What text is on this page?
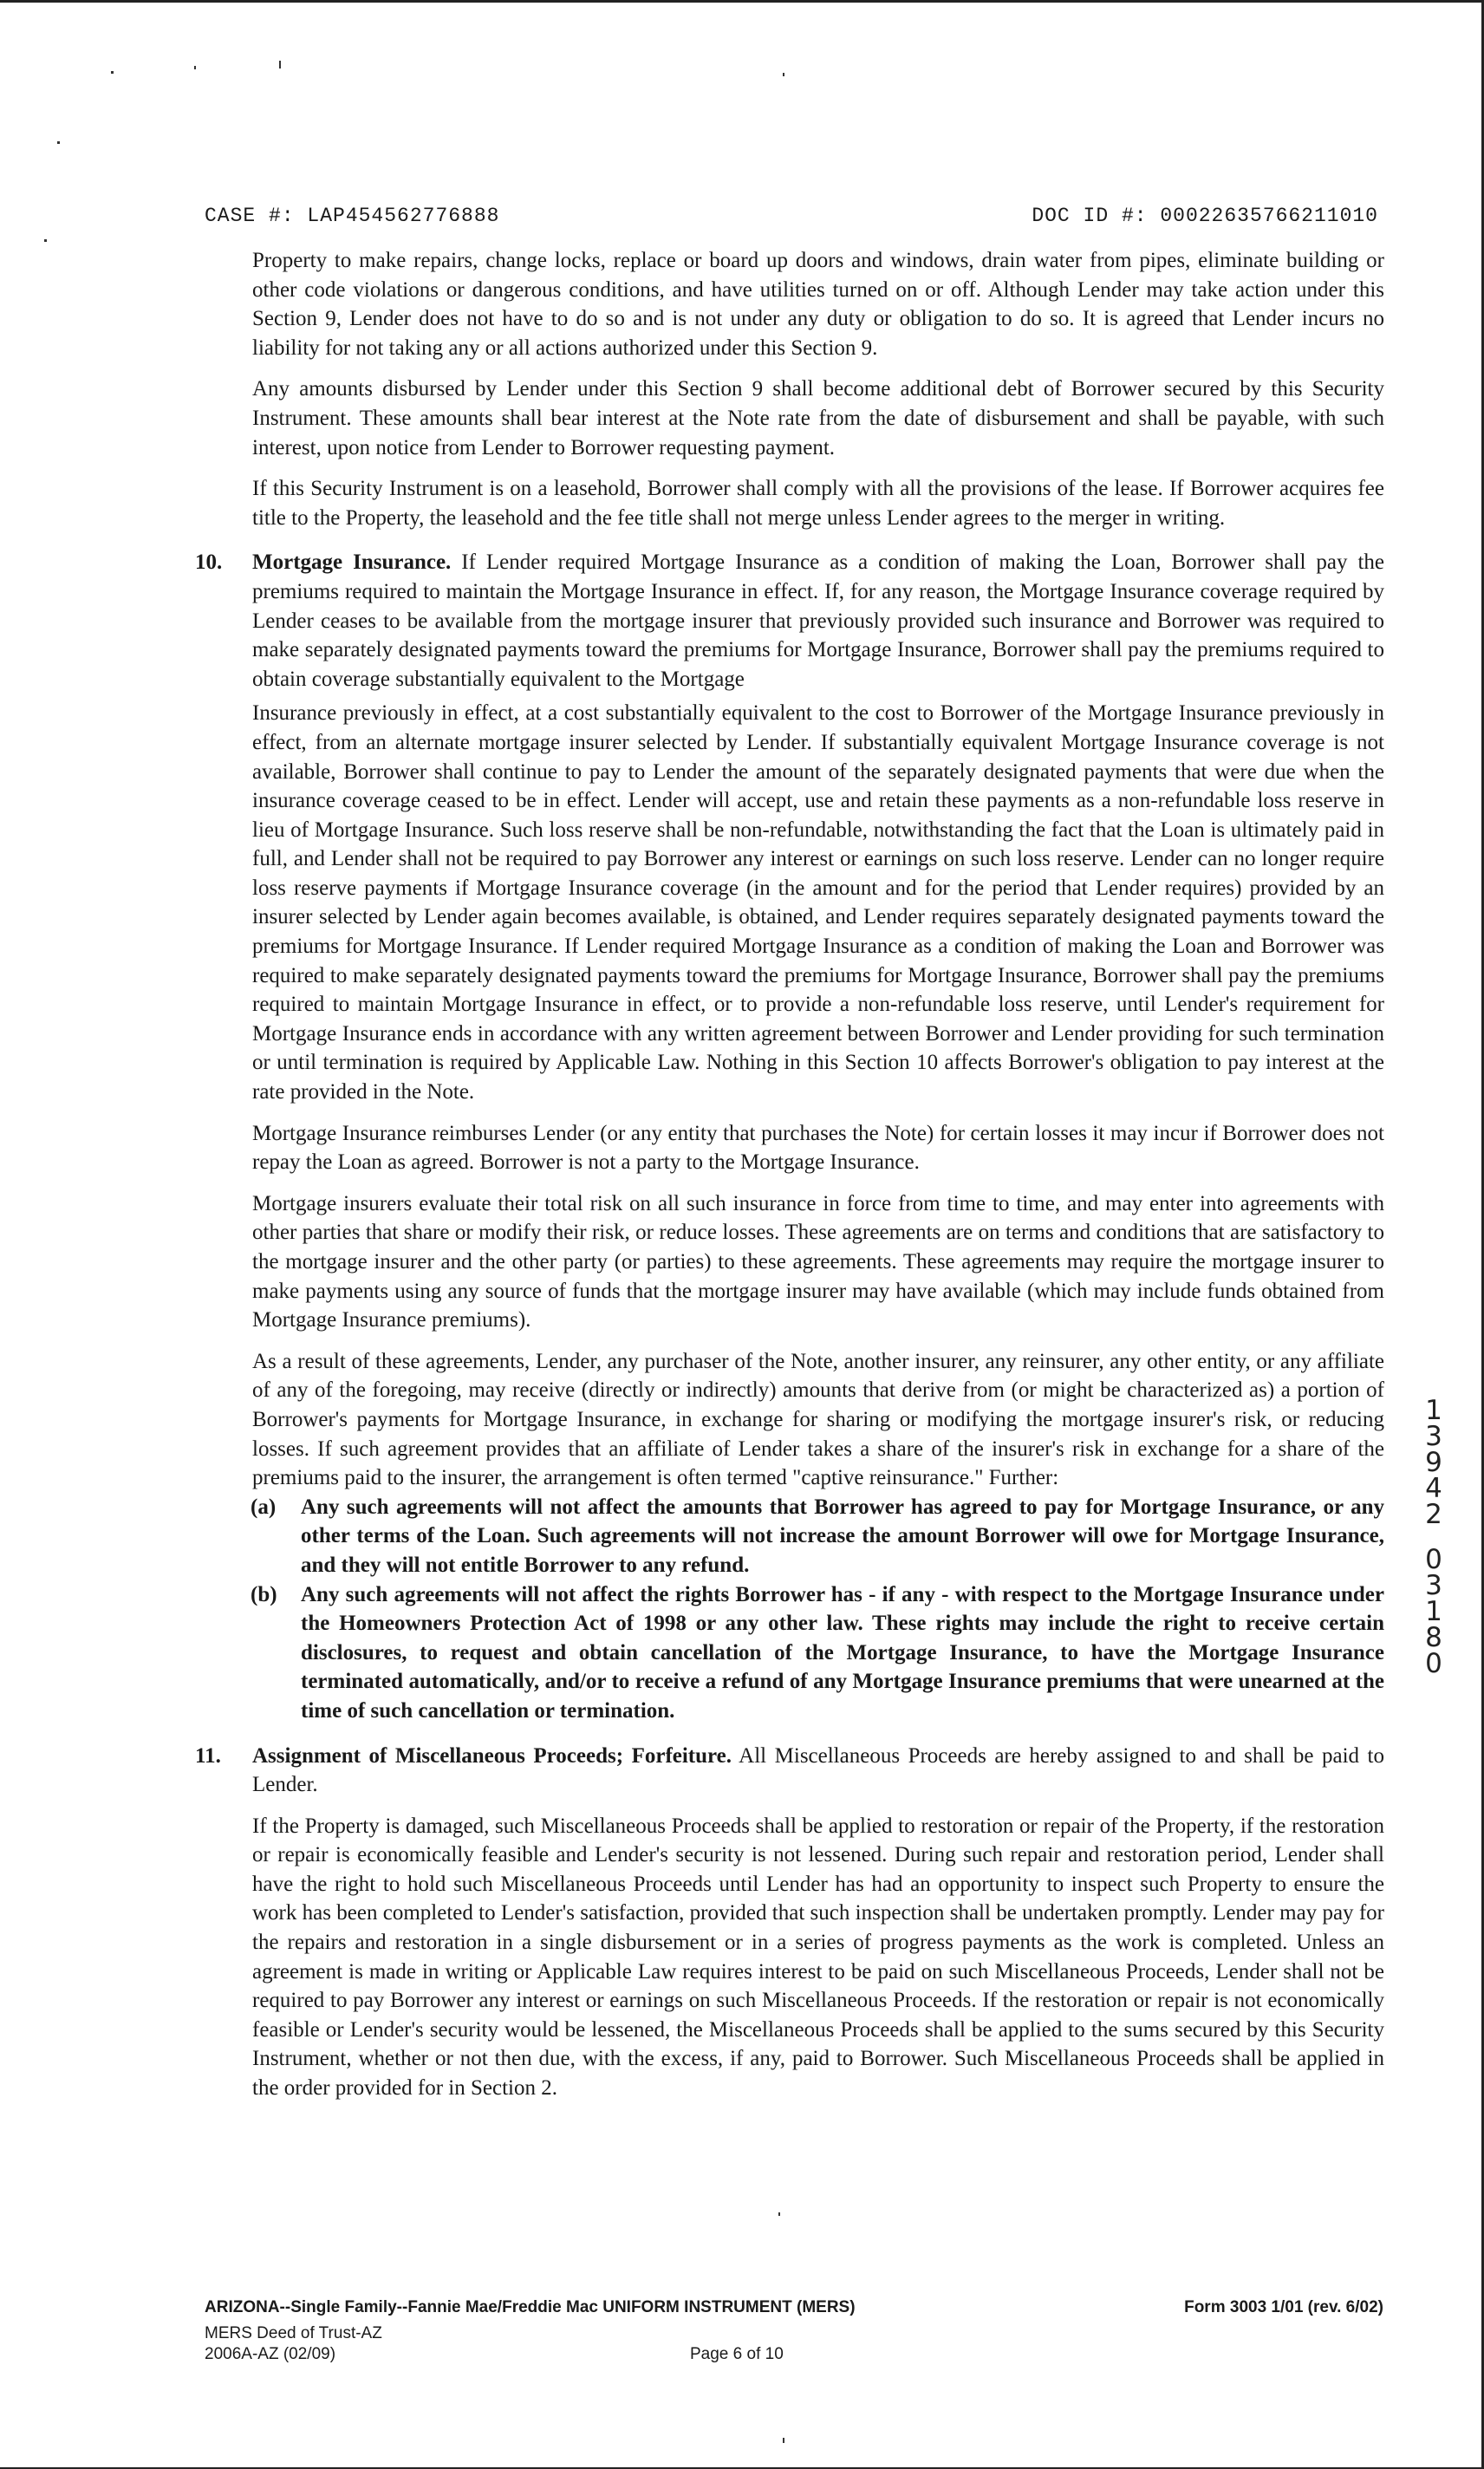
CASE #: LAP454562776888	DOC ID #: 00022635766211010

Property to make repairs, change locks, replace or board up doors and windows, drain water from pipes, eliminate building or other code violations or dangerous conditions, and have utilities turned on or off. Although Lender may take action under this Section 9, Lender does not have to do so and is not under any duty or obligation to do so. It is agreed that Lender incurs no liability for not taking any or all actions authorized under this Section 9.

Any amounts disbursed by Lender under this Section 9 shall become additional debt of Borrower secured by this Security Instrument. These amounts shall bear interest at the Note rate from the date of disbursement and shall be payable, with such interest, upon notice from Lender to Borrower requesting payment.

If this Security Instrument is on a leasehold, Borrower shall comply with all the provisions of the lease. If Borrower acquires fee title to the Property, the leasehold and the fee title shall not merge unless Lender agrees to the merger in writing.

10. Mortgage Insurance. If Lender required Mortgage Insurance as a condition of making the Loan, Borrower shall pay the premiums required to maintain the Mortgage Insurance in effect. If, for any reason, the Mortgage Insurance coverage required by Lender ceases to be available from the mortgage insurer that previously provided such insurance and Borrower was required to make separately designated payments toward the premiums for Mortgage Insurance, Borrower shall pay the premiums required to obtain coverage substantially equivalent to the Mortgage

Insurance previously in effect, at a cost substantially equivalent to the cost to Borrower of the Mortgage Insurance previously in effect, from an alternate mortgage insurer selected by Lender. If substantially equivalent Mortgage Insurance coverage is not available, Borrower shall continue to pay to Lender the amount of the separately designated payments that were due when the insurance coverage ceased to be in effect. Lender will accept, use and retain these payments as a non-refundable loss reserve in lieu of Mortgage Insurance. Such loss reserve shall be non-refundable, notwithstanding the fact that the Loan is ultimately paid in full, and Lender shall not be required to pay Borrower any interest or earnings on such loss reserve. Lender can no longer require loss reserve payments if Mortgage Insurance coverage (in the amount and for the period that Lender requires) provided by an insurer selected by Lender again becomes available, is obtained, and Lender requires separately designated payments toward the premiums for Mortgage Insurance. If Lender required Mortgage Insurance as a condition of making the Loan and Borrower was required to make separately designated payments toward the premiums for Mortgage Insurance, Borrower shall pay the premiums required to maintain Mortgage Insurance in effect, or to provide a non-refundable loss reserve, until Lender's requirement for Mortgage Insurance ends in accordance with any written agreement between Borrower and Lender providing for such termination or until termination is required by Applicable Law. Nothing in this Section 10 affects Borrower's obligation to pay interest at the rate provided in the Note.

Mortgage Insurance reimburses Lender (or any entity that purchases the Note) for certain losses it may incur if Borrower does not repay the Loan as agreed. Borrower is not a party to the Mortgage Insurance.

Mortgage insurers evaluate their total risk on all such insurance in force from time to time, and may enter into agreements with other parties that share or modify their risk, or reduce losses. These agreements are on terms and conditions that are satisfactory to the mortgage insurer and the other party (or parties) to these agreements. These agreements may require the mortgage insurer to make payments using any source of funds that the mortgage insurer may have available (which may include funds obtained from Mortgage Insurance premiums).

As a result of these agreements, Lender, any purchaser of the Note, another insurer, any reinsurer, any other entity, or any affiliate of any of the foregoing, may receive (directly or indirectly) amounts that derive from (or might be characterized as) a portion of Borrower's payments for Mortgage Insurance, in exchange for sharing or modifying the mortgage insurer's risk, or reducing losses. If such agreement provides that an affiliate of Lender takes a share of the insurer's risk in exchange for a share of the premiums paid to the insurer, the arrangement is often termed "captive reinsurance." Further:

(a)	Any such agreements will not affect the amounts that Borrower has agreed to pay for Mortgage Insurance, or any other terms of the Loan. Such agreements will not increase the amount Borrower will owe for Mortgage Insurance, and they will not entitle Borrower to any refund.
(b)	Any such agreements will not affect the rights Borrower has - if any - with respect to the Mortgage Insurance under the Homeowners Protection Act of 1998 or any other law. These rights may include the right to receive certain disclosures, to request and obtain cancellation of the Mortgage Insurance, to have the Mortgage Insurance terminated automatically, and/or to receive a refund of any Mortgage Insurance premiums that were unearned at the time of such cancellation or termination.
11. Assignment of Miscellaneous Proceeds; Forfeiture. All Miscellaneous Proceeds are hereby assigned to and shall be paid to Lender.

If the Property is damaged, such Miscellaneous Proceeds shall be applied to restoration or repair of the Property, if the restoration or repair is economically feasible and Lender's security is not lessened. During such repair and restoration period, Lender shall have the right to hold such Miscellaneous Proceeds until Lender has had an opportunity to inspect such Property to ensure the work has been completed to Lender's satisfaction, provided that such inspection shall be undertaken promptly. Lender may pay for the repairs and restoration in a single disbursement or in a series of progress payments as the work is completed. Unless an agreement is made in writing or Applicable Law requires interest to be paid on such Miscellaneous Proceeds, Lender shall not be required to pay Borrower any interest or earnings on such Miscellaneous Proceeds. If the restoration or repair is not economically feasible or Lender's security would be lessened, the Miscellaneous Proceeds shall be applied to the sums secured by this Security Instrument, whether or not then due, with the excess, if any, paid to Borrower. Such Miscellaneous Proceeds shall be applied in the order provided for in Section 2.

1
3
9
4
2
0
3
1
8
0
ARIZONA--Single Family--Fannie Mae/Freddie Mac UNIFORM INSTRUMENT (MERS)	Form 3003 1/01 (rev. 6/02)
MERS Deed of Trust-AZ
2006A-AZ (02/09)	Page 6 of 10
